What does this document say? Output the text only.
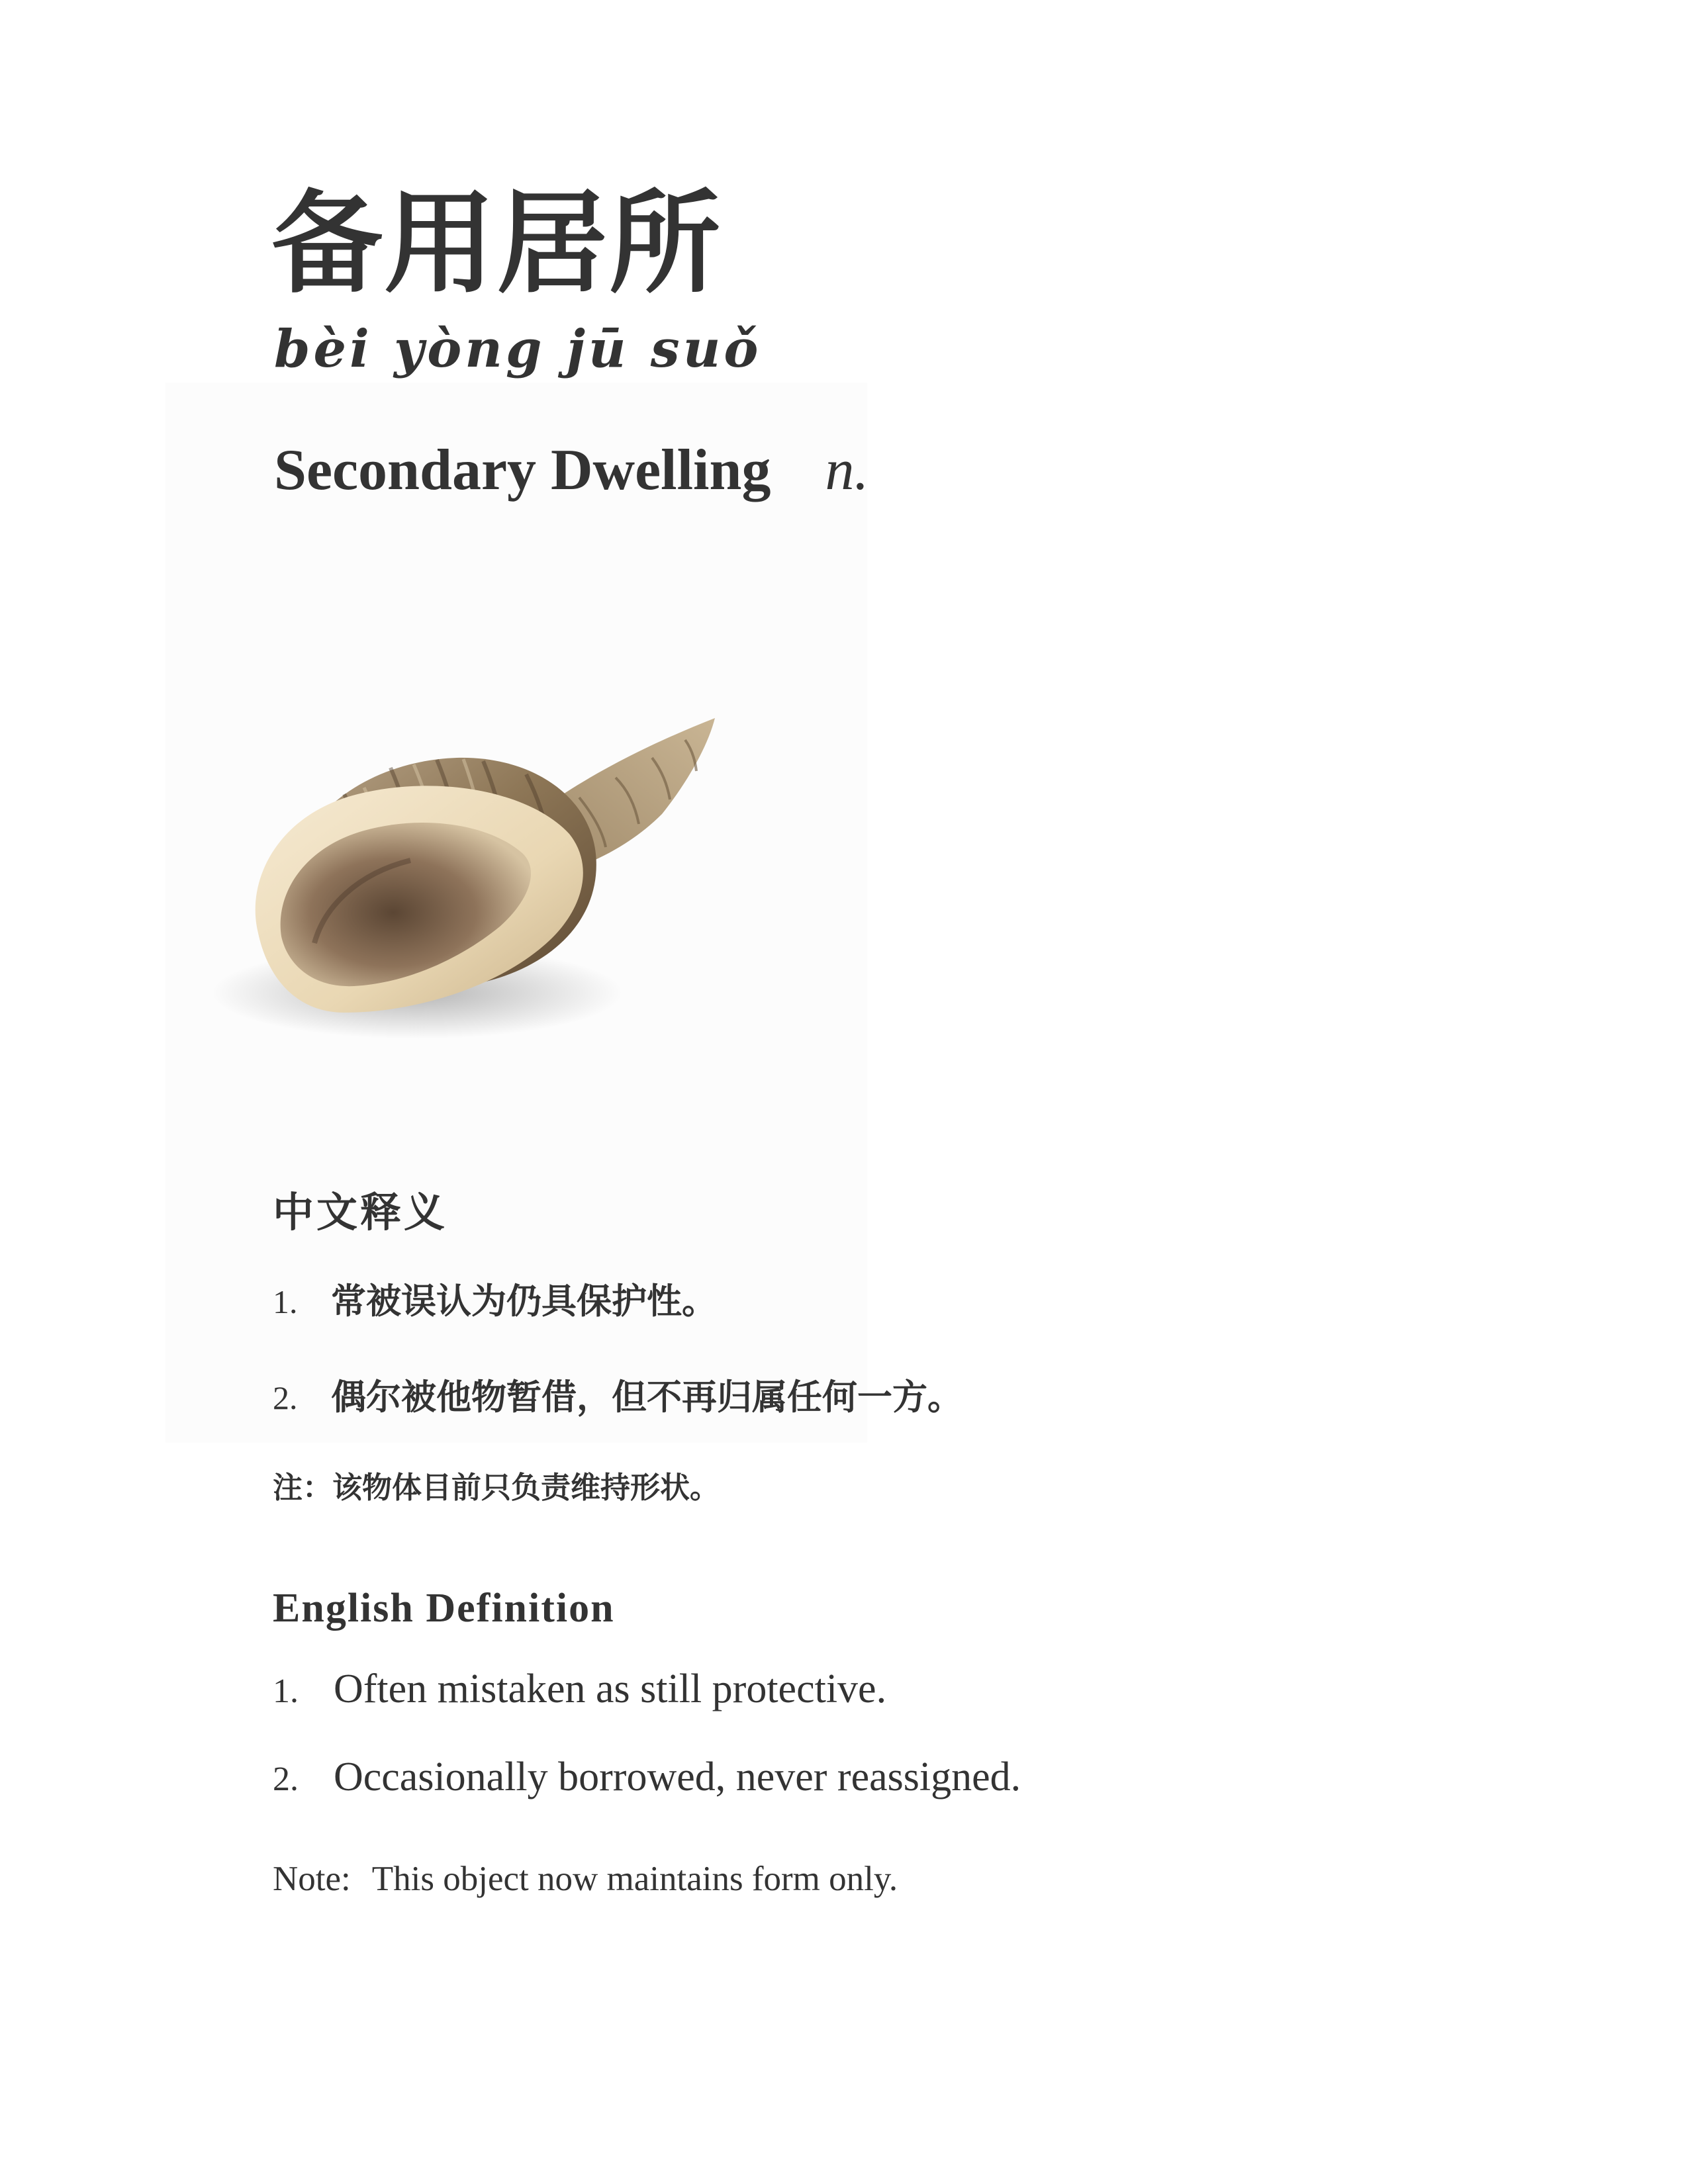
备用居所

bèi yòng jū suǒ

Secondary Dwelling n.
中文释义
1. 常被误认为仍具保护性。
2. 偶尔被他物暂借，但不再归属任何一方。
注：该物体目前只负责维持形状。
English Definition
1. Often mistaken as still protective.
2. Occasionally borrowed, never reassigned.
Note: This object now maintains form only.
